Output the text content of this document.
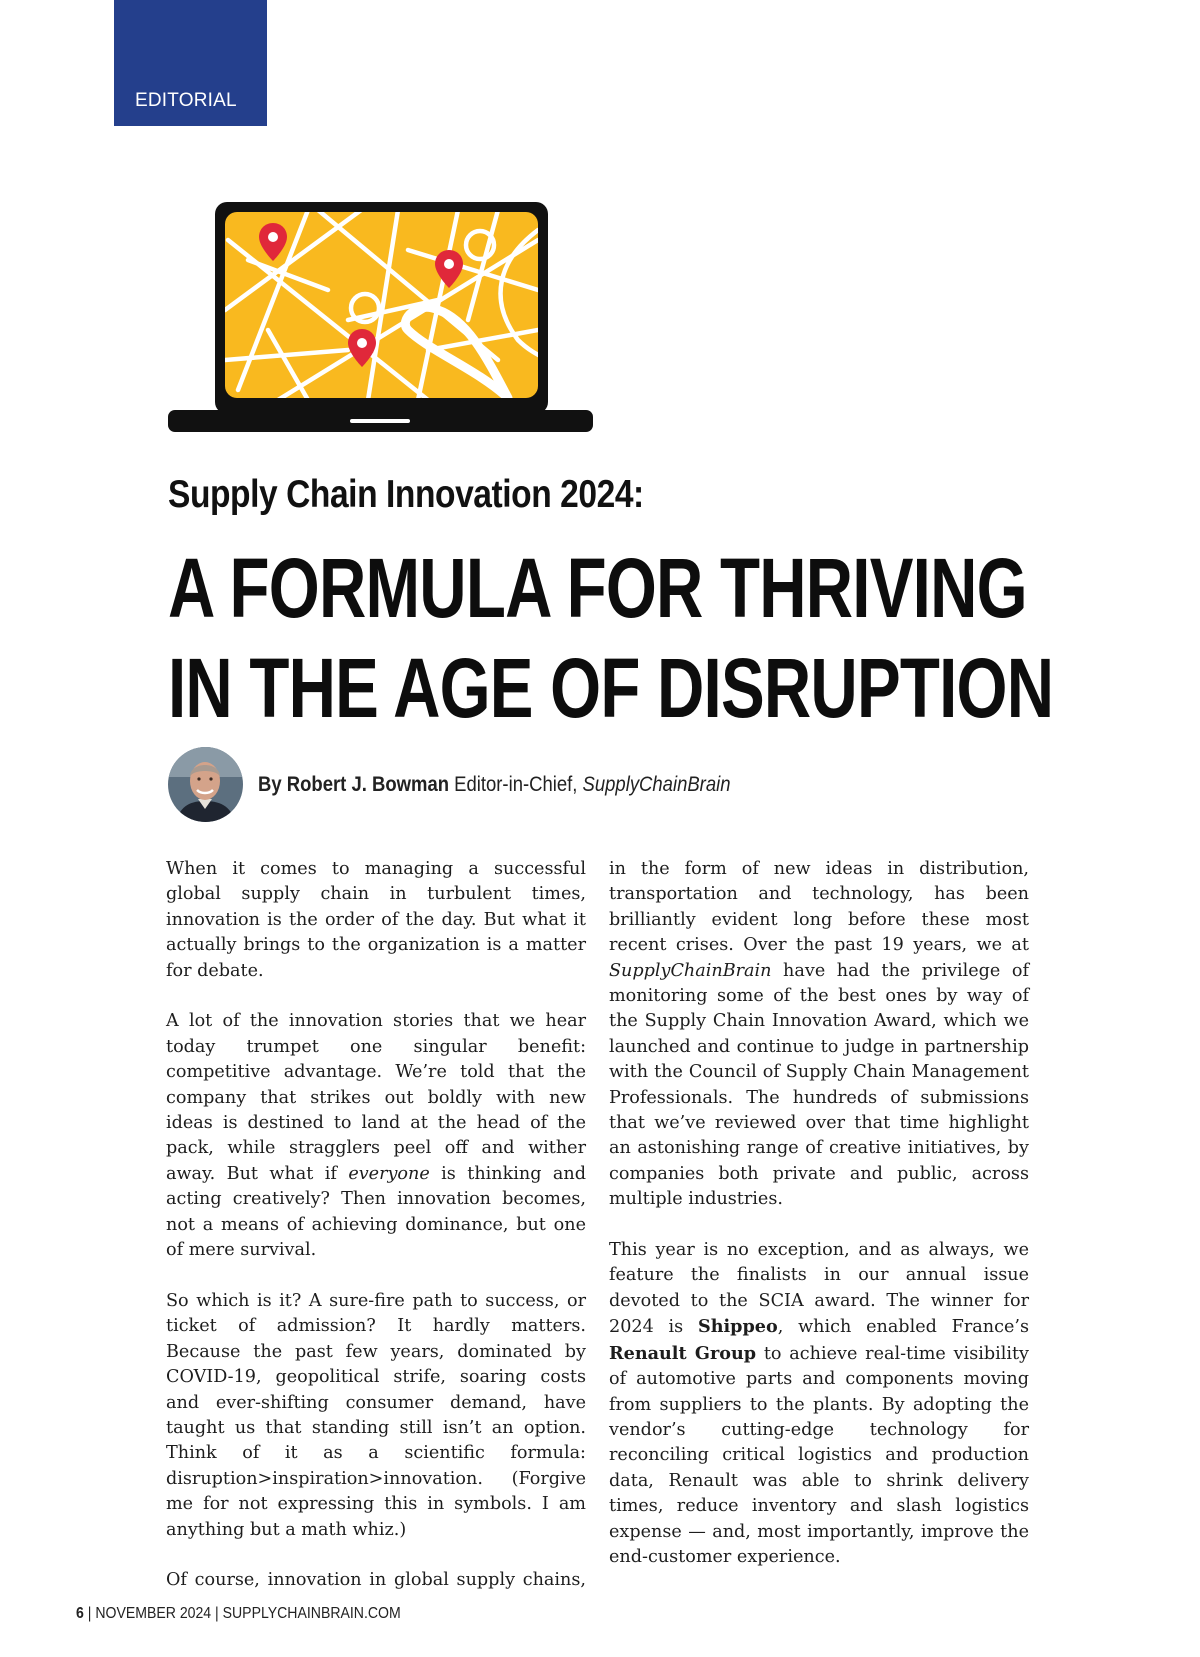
EDITORIAL
Supply Chain Innovation 2024:
A FORMULA FOR THRIVING
IN THE AGE OF DISRUPTION
By Robert J. Bowman Editor-in-Chief, SupplyChainBrain

When it comes to managing a successful global supply chain in turbulent times, innovation is the order of the day. But what it actually brings to the organization is a matter for debate.

A lot of the innovation stories that we hear today trumpet one singular benefit: competitive advantage. We’re told that the company that strikes out boldly with new ideas is destined to land at the head of the pack, while stragglers peel off and wither away. But what if everyone is thinking and acting creatively? Then innovation becomes, not a means of achieving dominance, but one of mere survival.

So which is it? A sure-fire path to success, or ticket of admission? It hardly matters. Because the past few years, dominated by COVID-19, geopolitical strife, soaring costs and ever-shifting consumer demand, have taught us that standing still isn’t an option. Think of it as a scientific formula: disruption>inspiration>innovation. (Forgive me for not expressing this in symbols. I am anything but a math whiz.)

Of course, innovation in global supply chains,

in the form of new ideas in distribution, transportation and technology, has been brilliantly evident long before these most recent crises. Over the past 19 years, we at SupplyChainBrain have had the privilege of monitoring some of the best ones by way of the Supply Chain Innovation Award, which we launched and continue to judge in partnership with the Council of Supply Chain Management Professionals. The hundreds of submissions that we’ve reviewed over that time highlight an astonishing range of creative initiatives, by companies both private and public, across multiple industries.

This year is no exception, and as always, we feature the finalists in our annual issue devoted to the SCIA award. The winner for 2024 is Shippeo, which enabled France’s Renault Group to achieve real-time visibility of automotive parts and components moving from suppliers to the plants. By adopting the vendor’s cutting-edge technology for reconciling critical logistics and production data, Renault was able to shrink delivery times, reduce inventory and slash logistics expense — and, most importantly, improve the end-customer experience.

6 | NOVEMBER 2024 | SUPPLYCHAINBRAIN.COM
